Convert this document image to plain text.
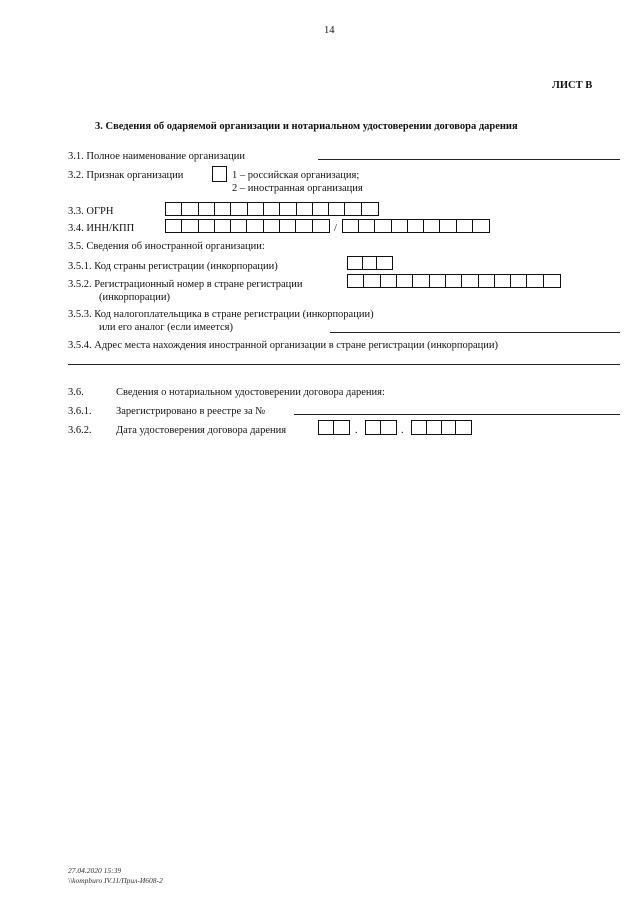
14
ЛИСТ В
3. Сведения об одаряемой организации и нотариальном удостоверении договора дарения
3.1. Полное наименование организации
3.2. Признак организации	1 – российская организация;
2 – иностранная организация
3.3. ОГРН
3.4. ИНН/КПП	/
3.5. Сведения об иностранной организации:
3.5.1. Код страны регистрации (инкорпорации)
3.5.2. Регистрационный номер в стране регистрации
(инкорпорации)
3.5.3. Код налогоплательщика в стране регистрации (инкорпорации)
или его аналог (если имеется)
3.5.4. Адрес места нахождения иностранной организации в стране регистрации (инкорпорации)
3.6.	Сведения о нотариальном удостоверении договора дарения:
3.6.1. Зарегистрировано в реестре за №
3.6.2. Дата удостоверения договора дарения	.	.
27.04.2020 15:39
\\kompburo IV.11/Прил-И608-2
